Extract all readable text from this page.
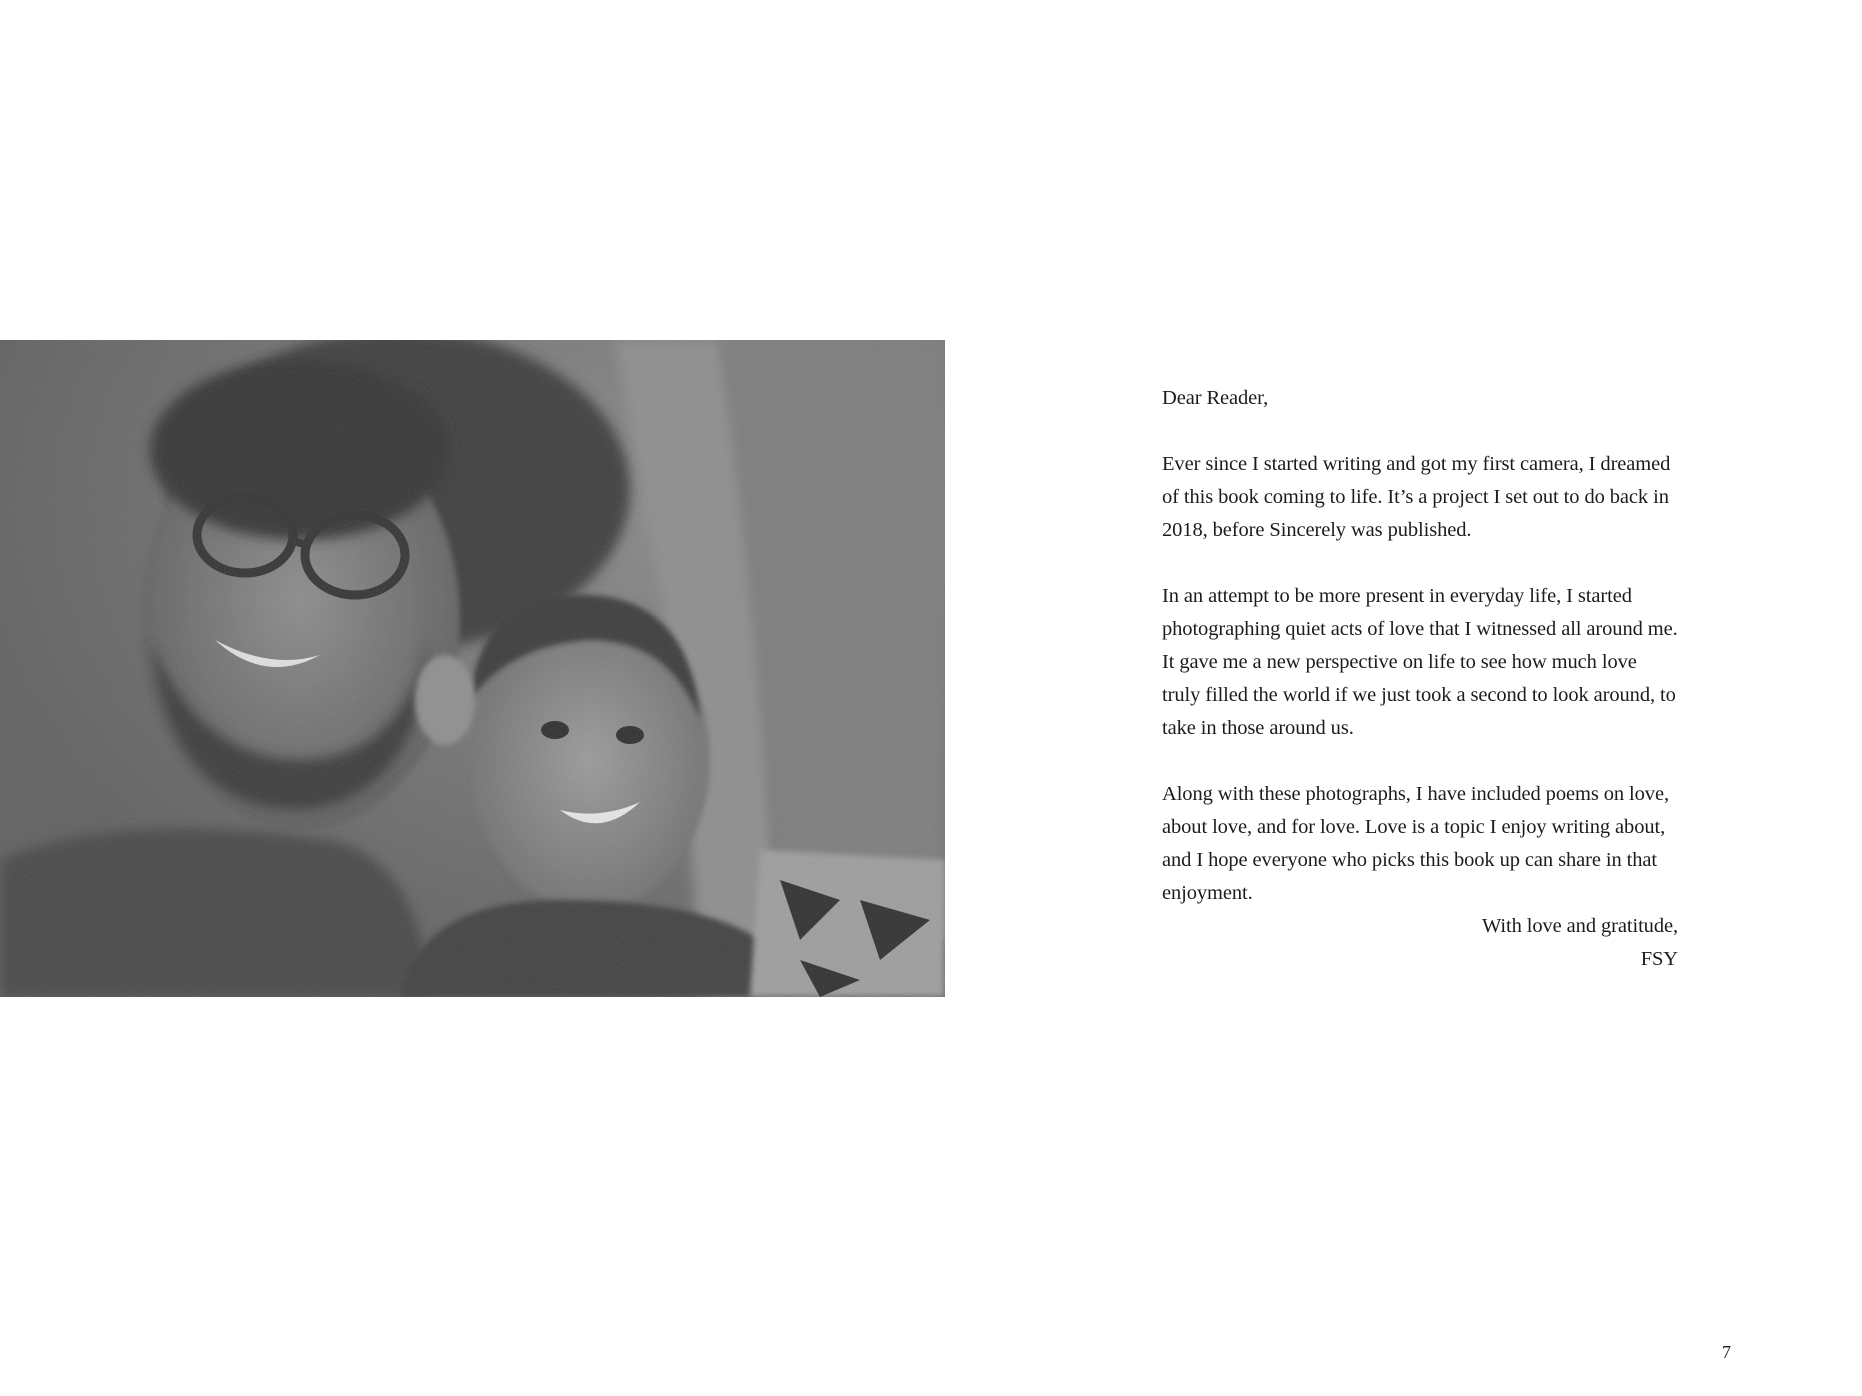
Dear Reader,

Ever since I started writing and got my first camera, I dreamed of this book coming to life. It’s a project I set out to do back in 2018, before Sincerely was published.

In an attempt to be more present in everyday life, I started photographing quiet acts of love that I witnessed all around me. It gave me a new perspective on life to see how much love truly filled the world if we just took a second to look around, to take in those around us.

Along with these photographs, I have included poems on love, about love, and for love. Love is a topic I enjoy writing about, and I hope everyone who picks this book up can share in that enjoyment.

With love and gratitude,

FSY

7
